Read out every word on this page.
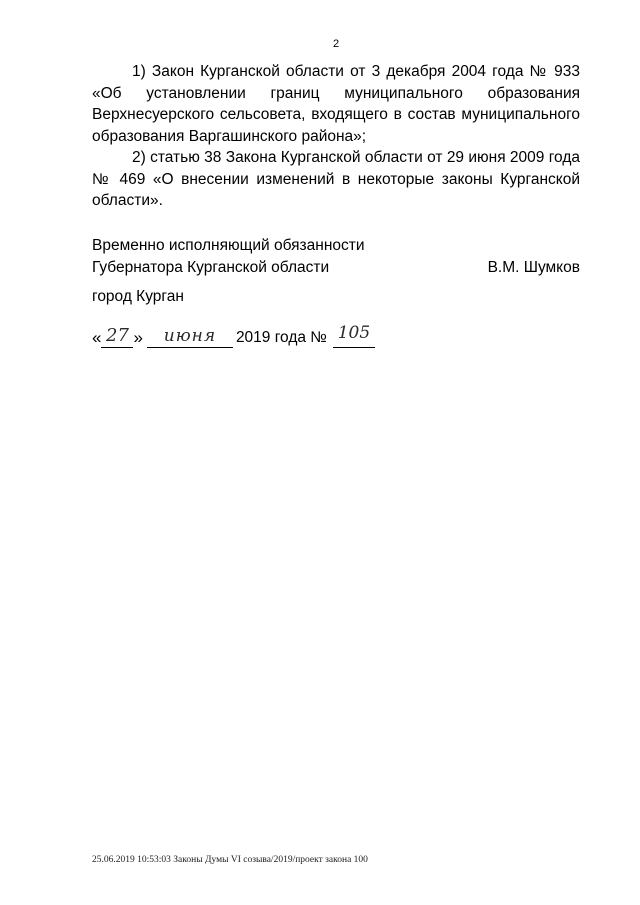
2

1) Закон Курганской области от 3 декабря 2004 года № 933 «Об установлении границ муниципального образования Верхнесуерского сельсовета, входящего в состав муниципального образования Варгашинского района»;

2) статью 38 Закона Курганской области от 29 июня 2009 года № 469 «О внесении изменений в некоторые законы Курганской области».

Временно исполняющий обязанности
Губернатора Курганской области	В.М. Шумков
город Курган
« 27 »	июня	2019 года № 105
25.06.2019 10:53:03 Законы Думы VI созыва/2019/проект закона 100
